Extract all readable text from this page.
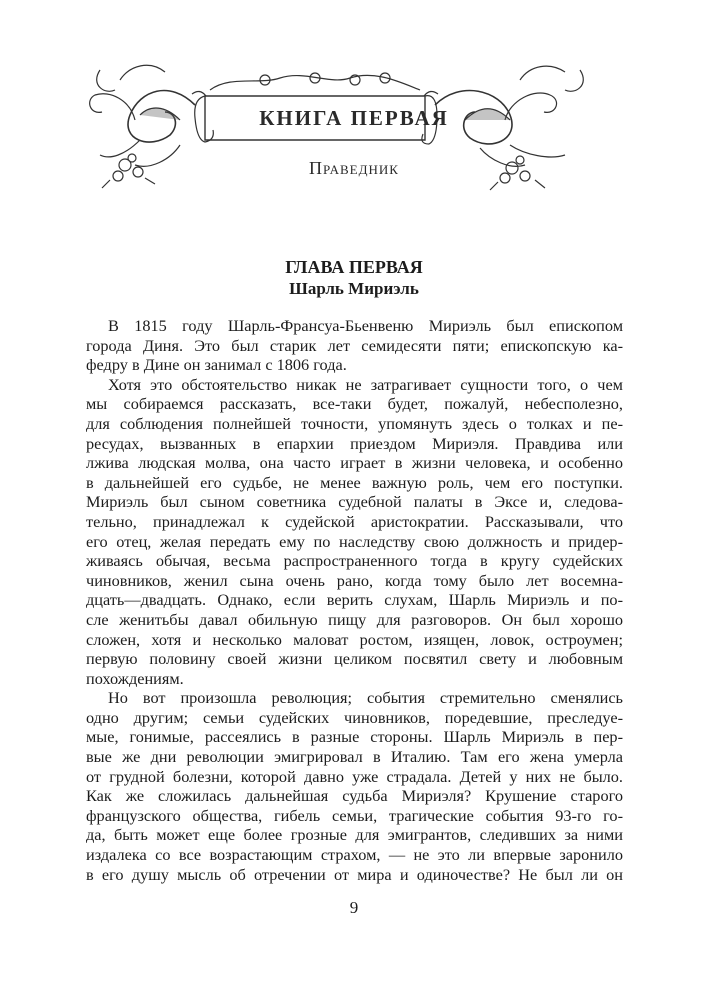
КНИГА ПЕРВАЯ
Праведник
ГЛАВА ПЕРВАЯ
Шарль Мириэль
В 1815 году Шарль-Франсуа-Бьенвеню Мириэль был епископом
города Диня. Это был старик лет семидесяти пяти; епископскую ка-
федру в Дине он занимал с 1806 года.
Хотя это обстоятельство никак не затрагивает сущности того, о чем
мы собираемся рассказать, все-таки будет, пожалуй, небесполезно,
для соблюдения полнейшей точности, упомянуть здесь о толках и пе-
ресудах, вызванных в епархии приездом Мириэля. Правдива или
лжива людская молва, она часто играет в жизни человека, и особенно
в дальнейшей его судьбе, не менее важную роль, чем его поступки.
Мириэль был сыном советника судебной палаты в Эксе и, следова-
тельно, принадлежал к судейской аристократии. Рассказывали, что
его отец, желая передать ему по наследству свою должность и придер-
живаясь обычая, весьма распространенного тогда в кругу судейских
чиновников, женил сына очень рано, когда тому было лет восемна-
дцать—двадцать. Однако, если верить слухам, Шарль Мириэль и по-
сле женитьбы давал обильную пищу для разговоров. Он был хорошо
сложен, хотя и несколько маловат ростом, изящен, ловок, остроумен;
первую половину своей жизни целиком посвятил свету и любовным
похождениям.
Но вот произошла революция; события стремительно сменялись
одно другим; семьи судейских чиновников, поредевшие, преследуе-
мые, гонимые, рассеялись в разные стороны. Шарль Мириэль в пер-
вые же дни революции эмигрировал в Италию. Там его жена умерла
от грудной болезни, которой давно уже страдала. Детей у них не было.
Как же сложилась дальнейшая судьба Мириэля? Крушение старого
французского общества, гибель семьи, трагические события 93-го го-
да, быть может еще более грозные для эмигрантов, следивших за ними
издалека со все возрастающим страхом, — не это ли впервые заронило
в его душу мысль об отречении от мира и одиночестве? Не был ли он
9
